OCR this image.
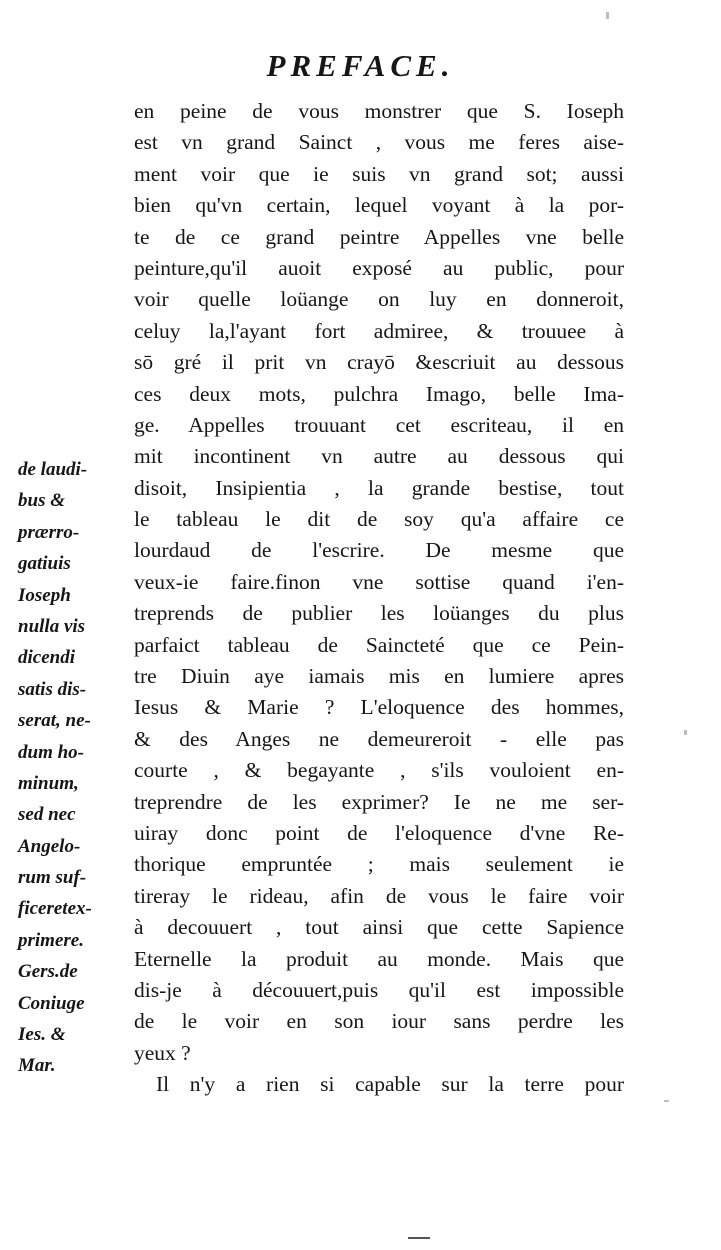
PREFACE.
en peine de vous monstrer que S. Ioseph
est vn grand Sainct , vous me feres aise-
ment voir que ie suis vn grand sot; aussi
bien qu'vn certain, lequel voyant à la por-
te de ce grand peintre Appelles vne belle
peinture,qu'il auoit exposé au public, pour
voir quelle loüange on luy en donneroit,
celuy la,l'ayant fort admiree, & trouuee à
sō gré il prit vn crayō &escriuit au dessous
ces deux mots, pulchra Imago, belle Ima-
ge. Appelles trouuant cet escriteau, il en
mit incontinent vn autre au dessous qui
disoit, Insipientia , la grande bestise, tout
le tableau le dit de soy qu'a affaire ce
lourdaud de l'escrire. De mesme que
veux-ie faire.finon vne sottise quand i'en-
treprends de publier les loüanges du plus
parfaict tableau de Saincteté que ce Pein-
tre Diuin aye iamais mis en lumiere apres
Iesus & Marie ? L'eloquence des hommes,
& des Anges ne demeureroit - elle pas
courte , & begayante , s'ils vouloient en-
treprendre de les exprimer? Ie ne me ser-
uiray donc point de l'eloquence d'vne Re-
thorique empruntée ; mais seulement ie
tireray le rideau, afin de vous le faire voir
à decouuert , tout ainsi que cette Sapience
Eternelle la produit au monde. Mais que
dis-je à découuert,puis qu'il est impossible
de le voir en son iour sans perdre les
yeux ?
Il n'y a rien si capable sur la terre pour
de laudi-
bus &
prærro-
gatiuis
Ioseph
nulla vis
dicendi
satis dis-
serat, ne-
dum ho-
minum,
sed nec
Angelo-
rum suf-
ficeretex-
primere.
Gers.de
Coniuge
Ies. &
Mar.
